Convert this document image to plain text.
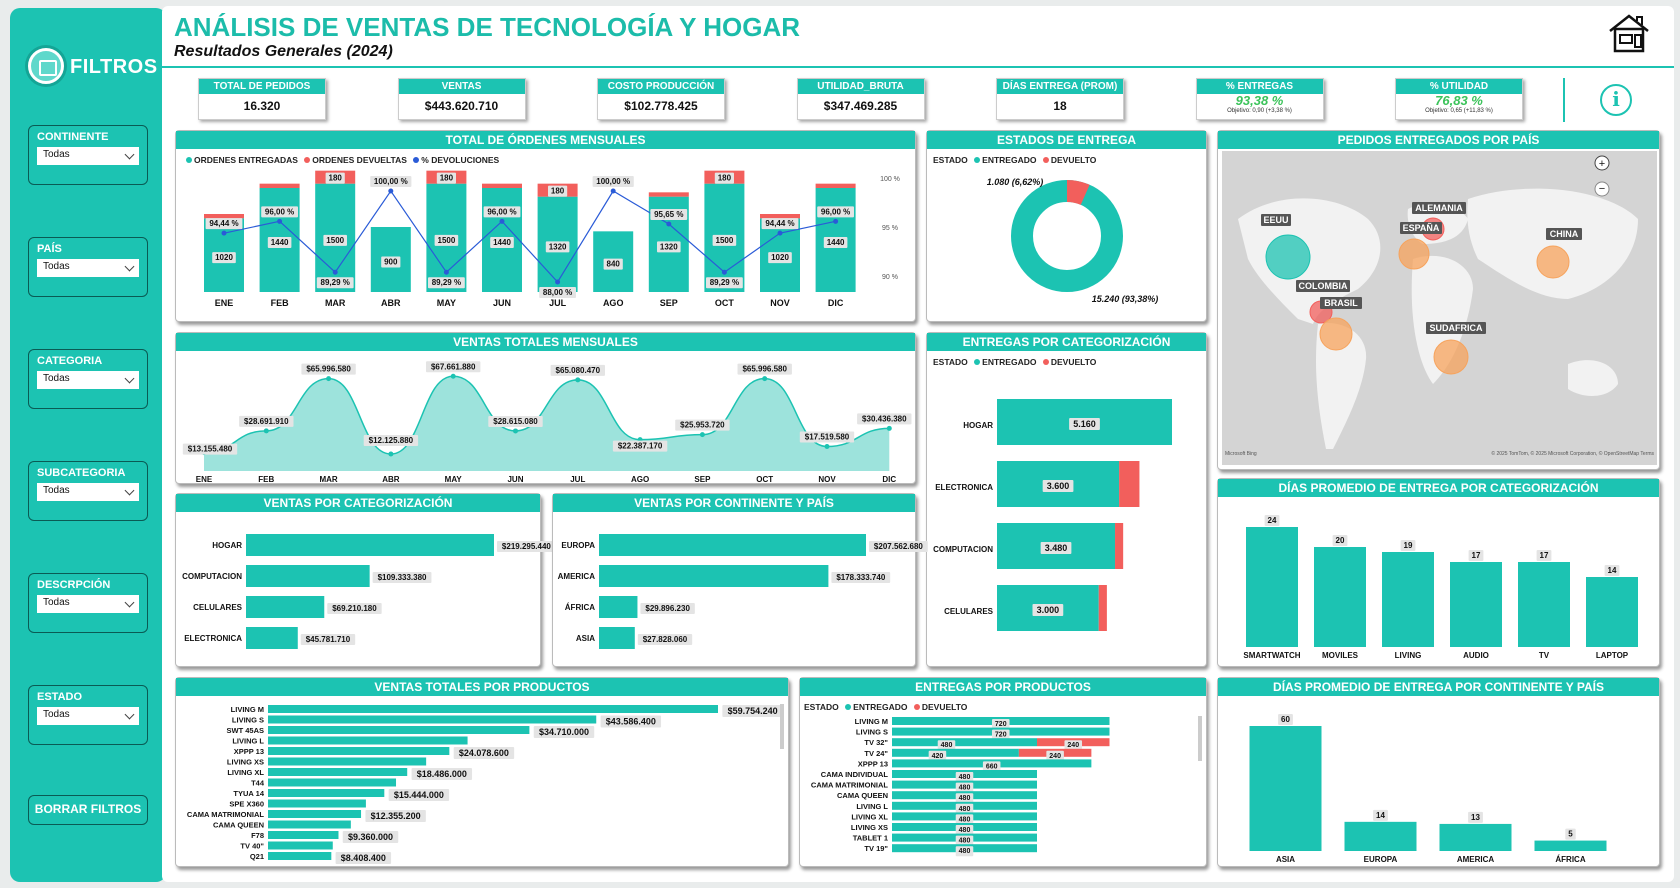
FILTROS
CONTINENTE
Todas
PAÍS
Todas
CATEGORIA
Todas
SUBCATEGORIA
Todas
DESCRPCIÓN
Todas
ESTADO
Todas
BORRAR FILTROS
ANÁLISIS DE VENTAS DE TECNOLOGÍA Y HOGAR
Resultados Generales (2024)
TOTAL DE PEDIDOS
16.320
VENTAS
$443.620.710
COSTO PRODUCCIÓN
$102.778.425
UTILIDAD_BRUTA
$347.469.285
DÍAS ENTREGA (PROM)
18
% ENTREGAS
93,38 %
Objetivo: 0,90 (+3,38 %)
% UTILIDAD
76,83 %
Objetivo: 0,65 (+11,83 %)	i
TOTAL DE ÓRDENES MENSUALES
ORDENES ENTREGADAS ORDENES DEVUELTAS % DEVOLUCIONES
1020
ENE
1440
FEB
180
1500
MAR
900
ABR
180
1500
MAY
1440
JUN
180
1320
JUL
840
AGO
1320
SEP
180
1500
OCT
1020
NOV
1440
DIC
94,44 %
96,00 %
89,29 %
100,00 %
89,29 %
96,00 %
88,00 %
100,00 %
95,65 %
89,29 %
94,44 %
96,00 %
100 %
95 %
90 %
ESTADOS DE ENTREGA
ESTADO ENTREGADO DEVUELTO
1.080 (6,62%)
15.240 (93,38%)
PEDIDOS ENTREGADOS POR PAÍS
EEUU
ALEMANIA
ESPAÑA
CHINA
COLOMBIA
BRASIL
SUDAFRICA
+
−
Microsoft Bing	© 2025 TomTom, © 2025 Microsoft Corporation, © OpenStreetMap Terms
VENTAS TOTALES MENSUALES
$13.155.480
ENE
$28.691.910
FEB
$65.996.580
MAR
$12.125.880
ABR
$67.661.880
MAY
$28.615.080
JUN
$65.080.470
JUL
$22.387.170
AGO
$25.953.720
SEP
$65.996.580
OCT
$17.519.580
NOV
$30.436.380
DIC
ENTREGAS POR CATEGORIZACIÓN
ESTADO ENTREGADO DEVUELTO
HOGAR	5.160
ELECTRONICA	3.600
COMPUTACION	3.480
CELULARES	3.000
DÍAS PROMEDIO DE ENTREGA POR CATEGORIZACIÓN
24
SMARTWATCH
20
MOVILES
19
LIVING
17
AUDIO
17
TV
14
LAPTOP
VENTAS POR CATEGORIZACIÓN
HOGAR	$219.295.440
COMPUTACION	$109.333.380
CELULARES	$69.210.180
ELECTRONICA	$45.781.710
VENTAS POR CONTINENTE Y PAÍS
EUROPA	$207.562.680
AMERICA	$178.333.740
ÁFRICA	$29.896.230
ASIA	$27.828.060
VENTAS TOTALES POR PRODUCTOS
LIVING M	$59.754.240
LIVING S	$43.586.400
SWT 45AS	$34.710.000
LIVING L
XPPP 13	$24.078.600
LIVING XS
LIVING XL	$18.486.000
T44
TYUA 14	$15.444.000
SPE X360
CAMA MATRIMONIAL	$12.355.200
CAMA QUEEN
F78	$9.360.000
TV 40"
Q21	$8.408.400
ENTREGAS POR PRODUCTOS
ESTADO ENTREGADO DEVUELTO
LIVING M	720
LIVING S	720
TV 32"	240
480
TV 24"	240
420
XPPP 13	660
CAMA INDIVIDUAL	480
CAMA MATRIMONIAL	480
CAMA QUEEN	480
LIVING L	480
LIVING XL	480
LIVING XS	480
TABLET 1	480
TV 19"	480
DÍAS PROMEDIO DE ENTREGA POR CONTINENTE Y PAÍS
60
ASIA
14
EUROPA
13
AMERICA
5
ÁFRICA
